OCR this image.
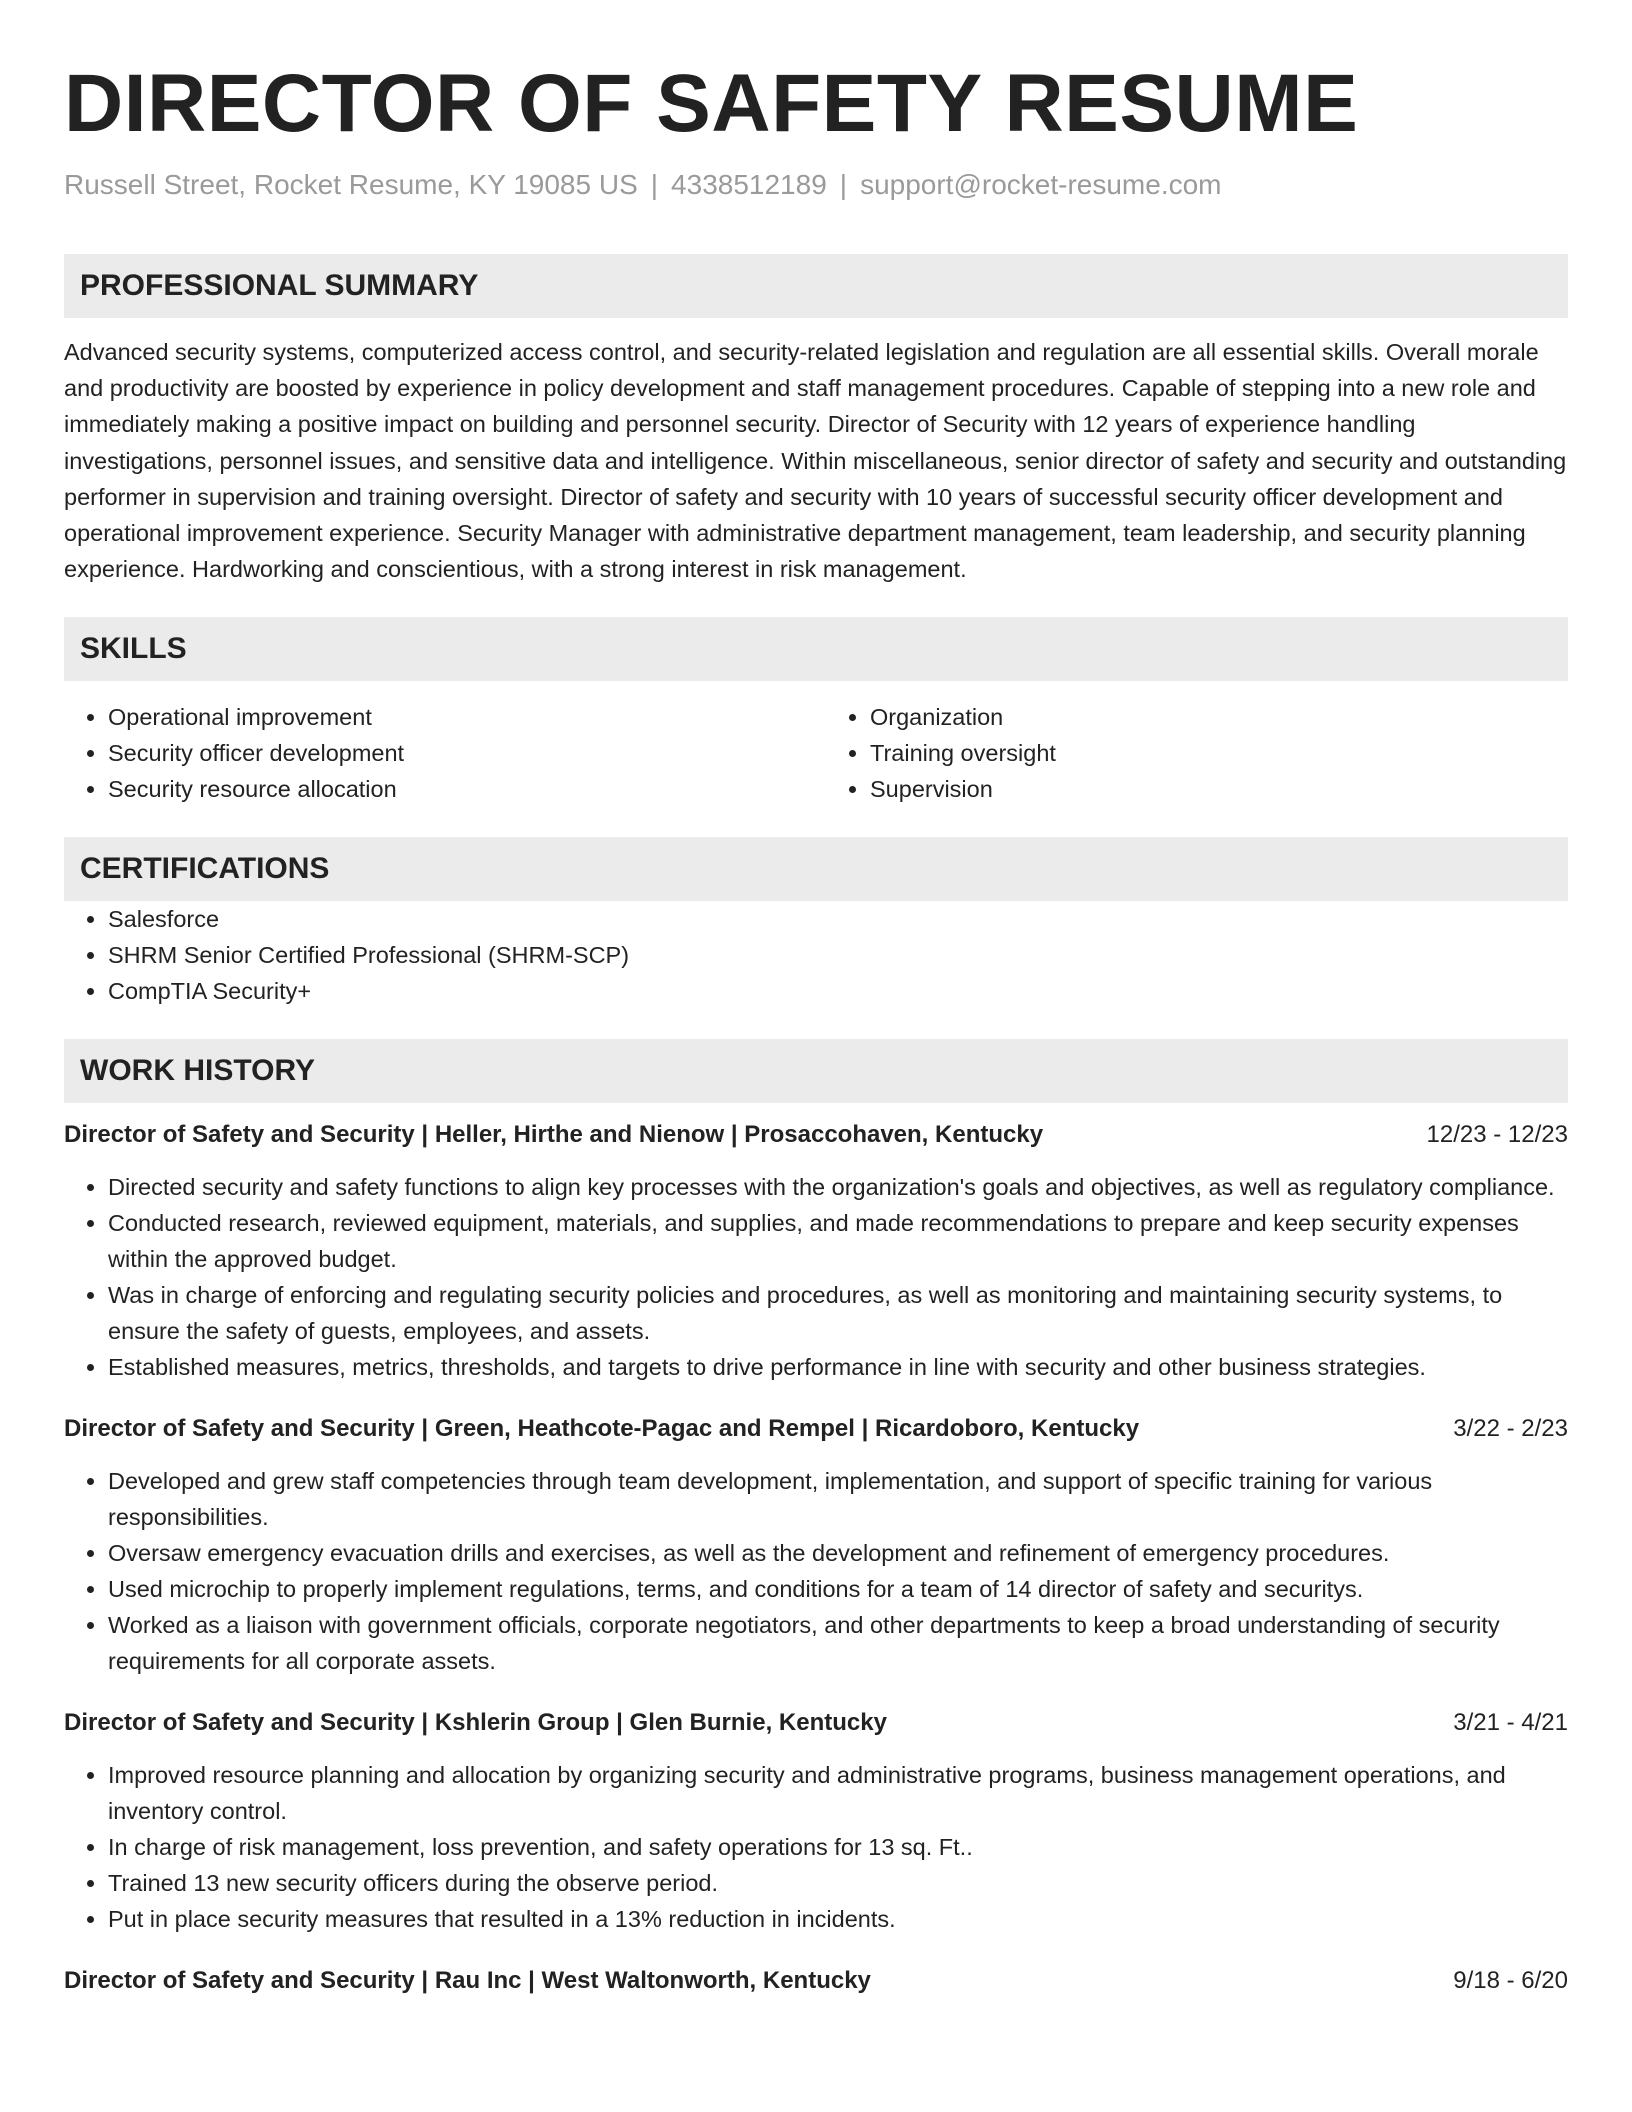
DIRECTOR OF SAFETY RESUME
Russell Street, Rocket Resume, KY 19085 US | 4338512189 | support@rocket-resume.com
PROFESSIONAL SUMMARY

Advanced security systems, computerized access control, and security-related legislation and regulation are all essential skills. Overall morale and productivity are boosted by experience in policy development and staff management procedures. Capable of stepping into a new role and immediately making a positive impact on building and personnel security. Director of Security with 12 years of experience handling investigations, personnel issues, and sensitive data and intelligence. Within miscellaneous, senior director of safety and security and outstanding performer in supervision and training oversight. Director of safety and security with 10 years of successful security officer development and operational improvement experience. Security Manager with administrative department management, team leadership, and security planning experience. Hardworking and conscientious, with a strong interest in risk management.

SKILLS
• Operational improvement
• Security officer development
• Security resource allocation
• Organization
• Training oversight
• Supervision
CERTIFICATIONS
• Salesforce
• SHRM Senior Certified Professional (SHRM-SCP)
• CompTIA Security+
WORK HISTORY
Director of Safety and Security | Heller, Hirthe and Nienow | Prosaccohaven, Kentucky	12/23 - 12/23
• Directed security and safety functions to align key processes with the organization's goals and objectives, as well as regulatory compliance.
• Conducted research, reviewed equipment, materials, and supplies, and made recommendations to prepare and keep security expenses within the approved budget.
• Was in charge of enforcing and regulating security policies and procedures, as well as monitoring and maintaining security systems, to ensure the safety of guests, employees, and assets.
• Established measures, metrics, thresholds, and targets to drive performance in line with security and other business strategies.
Director of Safety and Security | Green, Heathcote-Pagac and Rempel | Ricardoboro, Kentucky	3/22 - 2/23
• Developed and grew staff competencies through team development, implementation, and support of specific training for various responsibilities.
• Oversaw emergency evacuation drills and exercises, as well as the development and refinement of emergency procedures.
• Used microchip to properly implement regulations, terms, and conditions for a team of 14 director of safety and securitys.
• Worked as a liaison with government officials, corporate negotiators, and other departments to keep a broad understanding of security requirements for all corporate assets.
Director of Safety and Security | Kshlerin Group | Glen Burnie, Kentucky	3/21 - 4/21
• Improved resource planning and allocation by organizing security and administrative programs, business management operations, and inventory control.
• In charge of risk management, loss prevention, and safety operations for 13 sq. Ft..
• Trained 13 new security officers during the observe period.
• Put in place security measures that resulted in a 13% reduction in incidents.
Director of Safety and Security | Rau Inc | West Waltonworth, Kentucky	9/18 - 6/20
